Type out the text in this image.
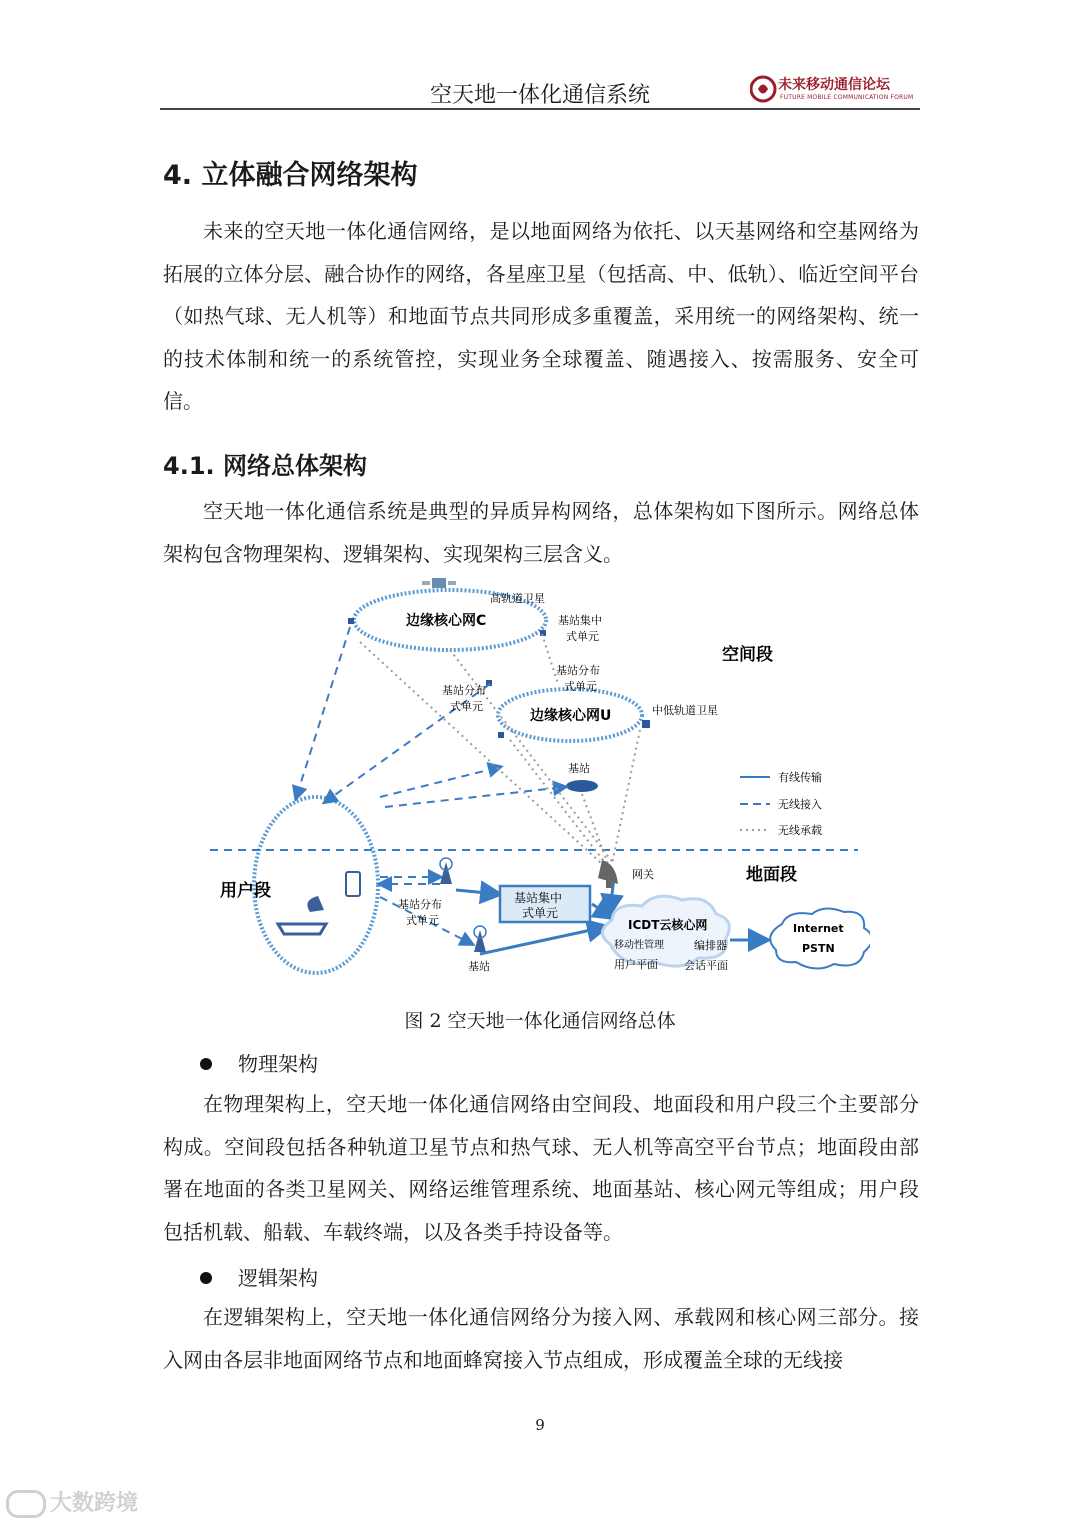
空天地一体化通信系统	未来移动通信论坛
FUTURE MOBILE COMMUNICATION FORUM
4. 立体融合网络架构

未来的空天地一体化通信网络，是以地面网络为依托、以天基网络和空基网络为拓展的立体分层、融合协作的网络，各星座卫星（包括高、中、低轨）、临近空间平台（如热气球、无人机等）和地面节点共同形成多重覆盖，采用统一的网络架构、统一的技术体制和统一的系统管控，实现业务全球覆盖、随遇接入、按需服务、安全可信。

4.1. 网络总体架构

空天地一体化通信系统是典型的异质异构网络，总体架构如下图所示。网络总体架构包含物理架构、逻辑架构、实现架构三层含义。

高轨道卫星
边缘核心网C	基站集中
式单元
基站分布
式单元
基站分布
式单元
边缘核心网U	中低轨道卫星
空间段
基站
有线传输
无线接入
无线承载
网关	地面段
用户段
基站分布
式单元
基站集中
式单元
ICDT云核心网
移动性管理	编排器
用户平面 会话平面
Internet
PSTN
基站
图 2 空天地一体化通信网络总体
物理架构

在物理架构上，空天地一体化通信网络由空间段、地面段和用户段三个主要部分构成。空间段包括各种轨道卫星节点和热气球、无人机等高空平台节点；地面段由部署在地面的各类卫星网关、网络运维管理系统、地面基站、核心网元等组成；用户段包括机载、船载、车载终端，以及各类手持设备等。

逻辑架构

在逻辑架构上，空天地一体化通信网络分为接入网、承载网和核心网三部分。接入网由各层非地面网络节点和地面蜂窝接入节点组成，形成覆盖全球的无线接

9
大数跨境
